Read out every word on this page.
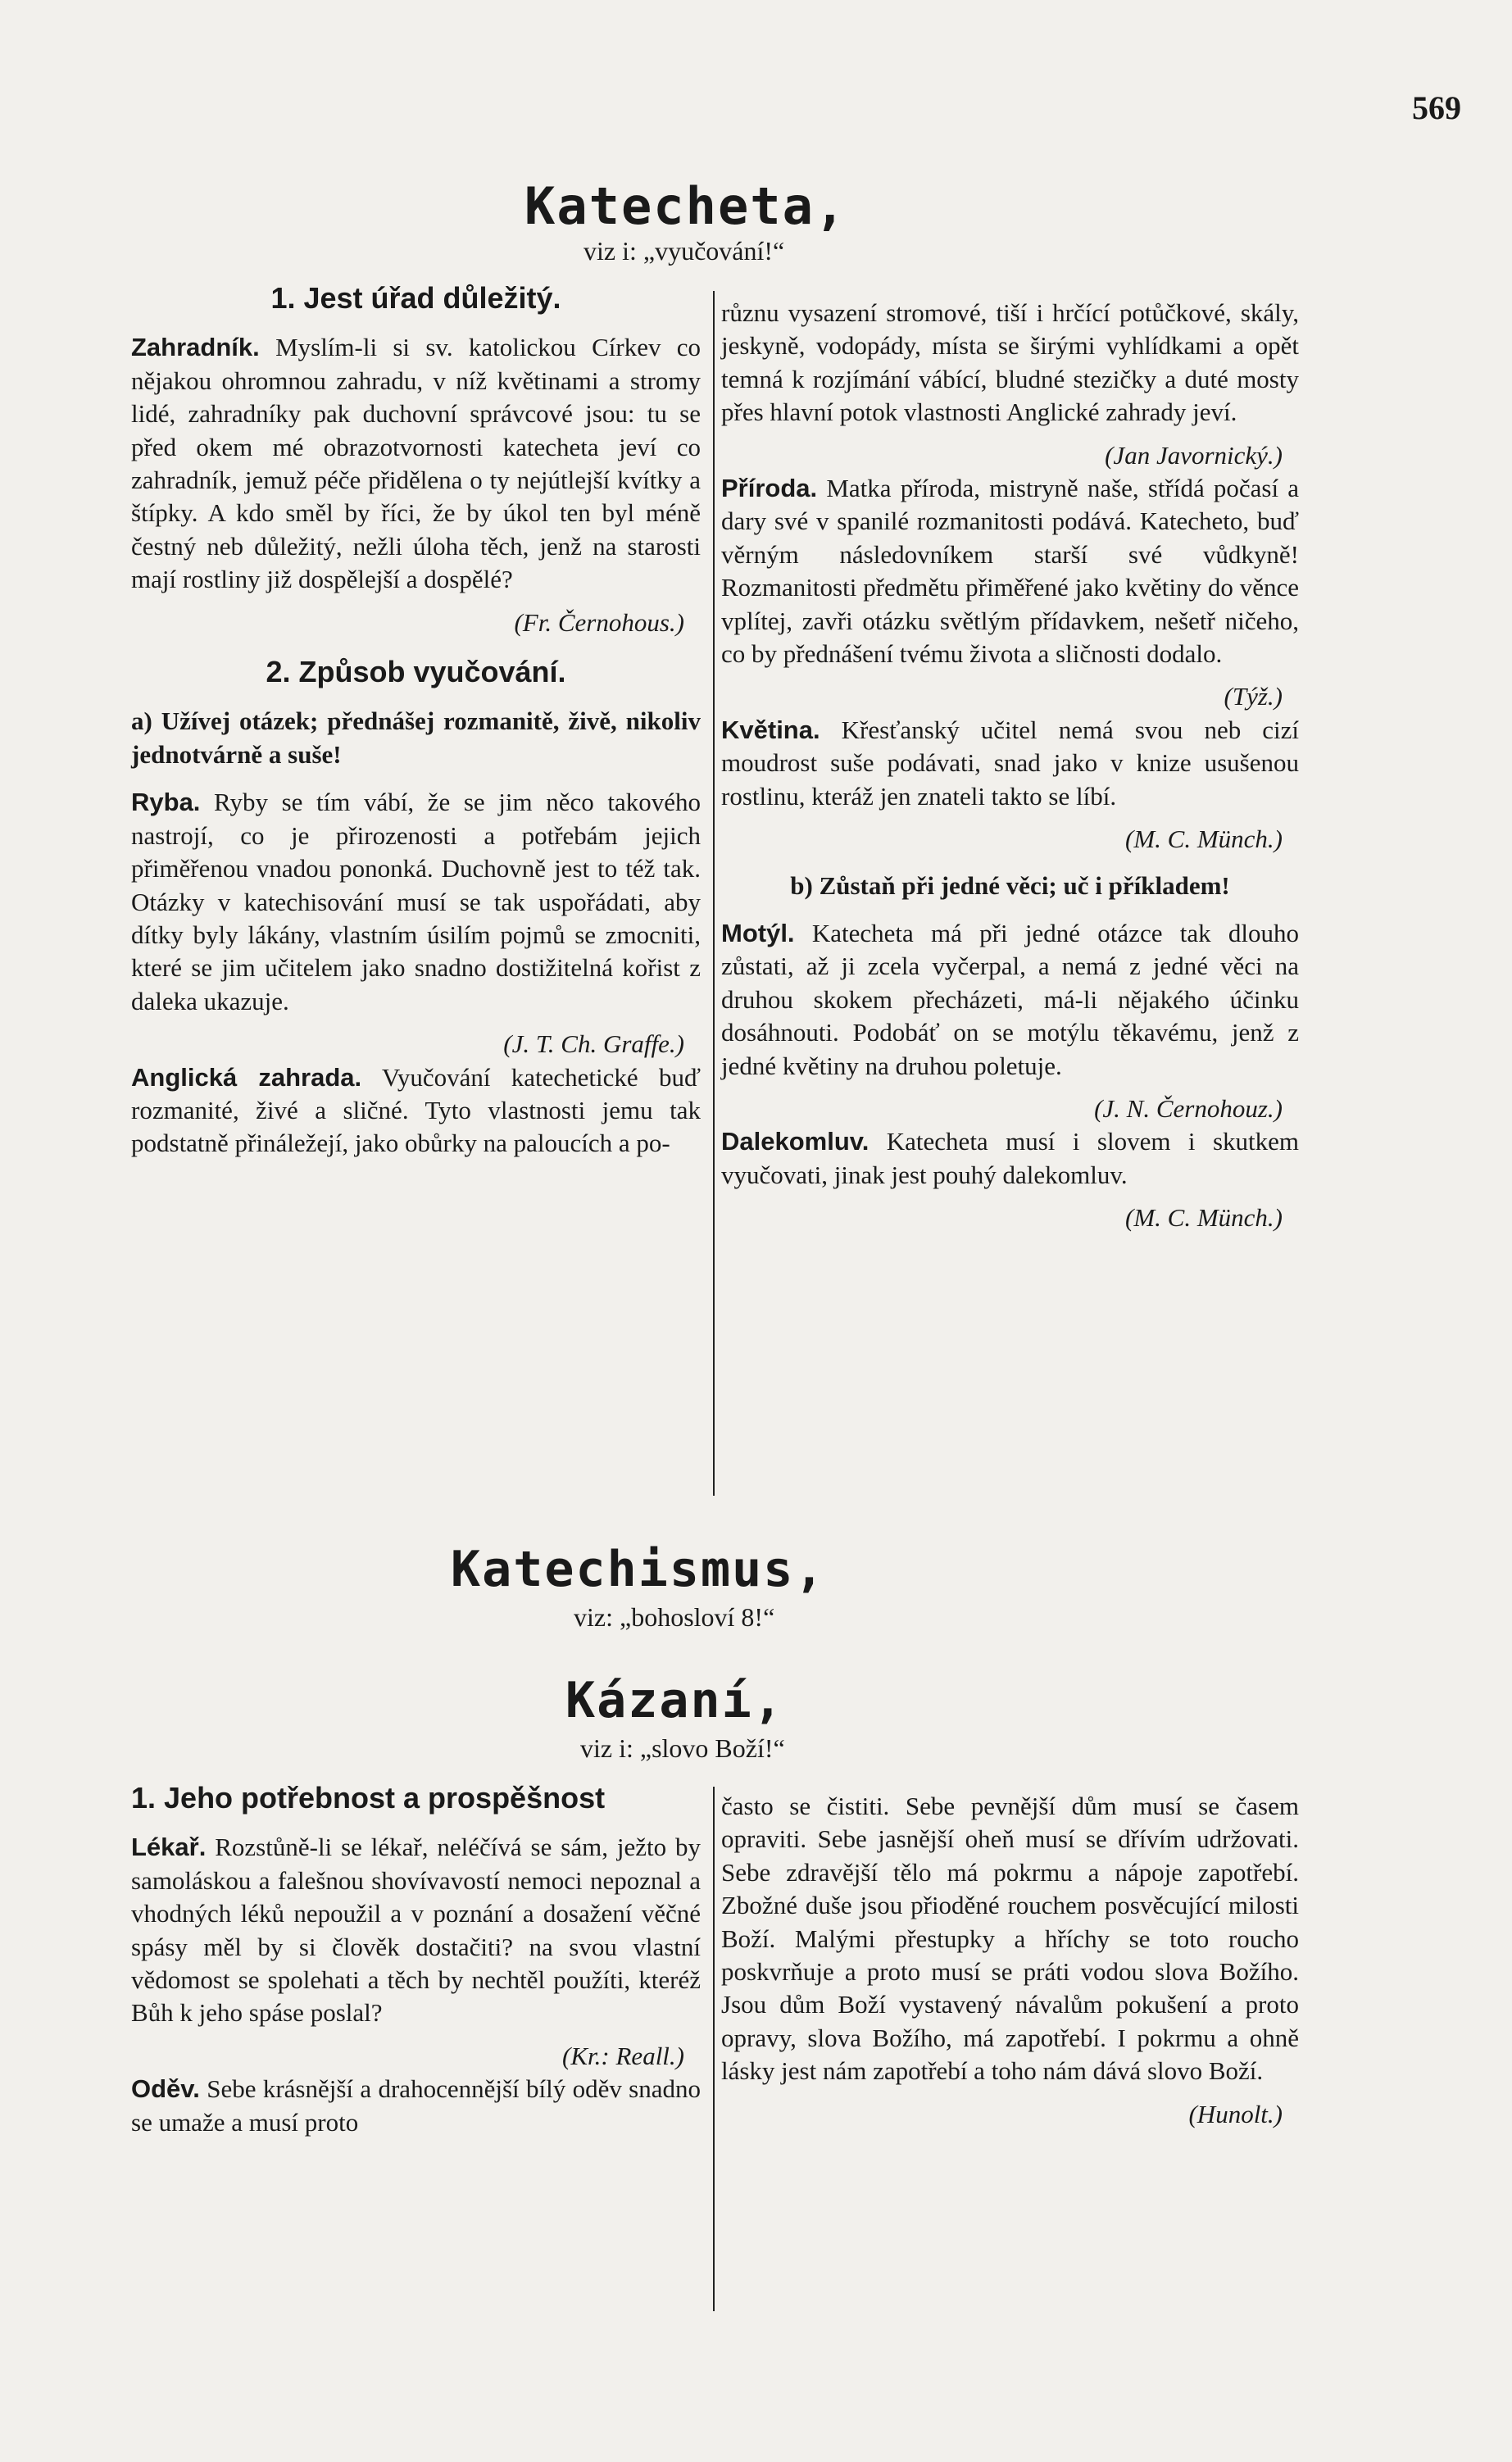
569
Katecheta,
viz i: „vyučování!“
1. Jest úřad důležitý.

Zahradník. Myslím-li si sv. katolickou Církev co nějakou ohromnou zahradu, v níž květinami a stromy lidé, zahradníky pak duchovní správcové jsou: tu se před okem mé obrazotvornosti katecheta jeví co zahradník, jemuž péče přidělena o ty nejútlejší kvítky a štípky. A kdo směl by říci, že by úkol ten byl méně čestný neb důležitý, nežli úloha těch, jenž na starosti mají rostliny již dospělejší a dospělé?

(Fr. Černohous.)
2. Způsob vyučování.
a) Užívej otázek; přednášej rozmanitě, živě, nikoliv jednotvárně a suše!

Ryba. Ryby se tím vábí, že se jim něco takového nastrojí, co je přirozenosti a potřebám jejich přiměřenou vnadou pononká. Duchovně jest to též tak. Otázky v katechisování musí se tak uspořádati, aby dítky byly lákány, vlastním úsilím pojmů se zmocniti, které se jim učitelem jako snadno dostižitelná kořist z daleka ukazuje.

(J. T. Ch. Graffe.)

Anglická zahrada. Vyučování katechetické buď rozmanité, živé a sličné. Tyto vlastnosti jemu tak podstatně přináležejí, jako obůrky na paloucích a po-

různu vysazení stromové, tiší i hrčící potůčkové, skály, jeskyně, vodopády, místa se širými vyhlídkami a opět temná k rozjímání vábící, bludné stezičky a duté mosty přes hlavní potok vlastnosti Anglické zahrady jeví.

(Jan Javornický.)

Příroda. Matka příroda, mistryně naše, střídá počasí a dary své v spanilé rozmanitosti podává. Katecheto, buď věrným následovníkem starší své vůdkyně! Rozmanitosti předmětu přiměřené jako květiny do věnce vplítej, zavři otázku světlým přídavkem, nešetř ničeho, co by přednášení tvému života a sličnosti dodalo.

(Týž.)

Květina. Křesťanský učitel nemá svou neb cizí moudrost suše podávati, snad jako v knize usušenou rostlinu, kteráž jen znateli takto se líbí.

(M. C. Münch.)
b) Zůstaň při jedné věci; uč i příkladem!

Motýl. Katecheta má při jedné otázce tak dlouho zůstati, až ji zcela vyčerpal, a nemá z jedné věci na druhou skokem přecházeti, má-li nějakého účinku dosáhnouti. Podobáť on se motýlu těkavému, jenž z jedné květiny na druhou poletuje.

(J. N. Černohouz.)

Dalekomluv. Katecheta musí i slovem i skutkem vyučovati, jinak jest pouhý dalekomluv.

(M. C. Münch.)
Katechismus,
viz: „bohosloví 8!“
Kázaní,
viz i: „slovo Boží!“
1. Jeho potřebnost a prospěšnost

Lékař. Rozstůně-li se lékař, neléčívá se sám, ježto by samoláskou a falešnou shovívavostí nemoci nepoznal a vhodných léků nepoužil a v poznání a dosažení věčné spásy měl by si člověk dostačiti? na svou vlastní vědomost se spolehati a těch by nechtěl použíti, kteréž Bůh k jeho spáse poslal?

(Kr.: Reall.)

Oděv. Sebe krásnější a drahocennější bílý oděv snadno se umaže a musí proto

často se čistiti. Sebe pevnější dům musí se časem opraviti. Sebe jasnější oheň musí se dřívím udržovati. Sebe zdravější tělo má pokrmu a nápoje zapotřebí. Zbožné duše jsou přioděné rouchem posvěcující milosti Boží. Malými přestupky a hříchy se toto roucho poskvrňuje a proto musí se práti vodou slova Božího. Jsou dům Boží vystavený návalům pokušení a proto opravy, slova Božího, má zapotřebí. I pokrmu a ohně lásky jest nám zapotřebí a toho nám dává slovo Boží.

(Hunolt.)
